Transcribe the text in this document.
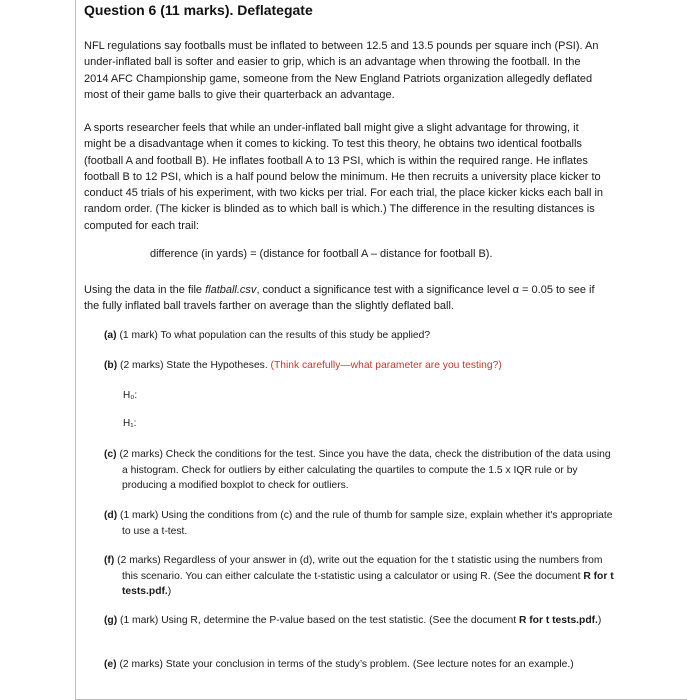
Question 6 (11 marks). Deflategate

NFL regulations say footballs must be inflated to between 12.5 and 13.5 pounds per square inch (PSI). An under-inflated ball is softer and easier to grip, which is an advantage when throwing the football. In the 2014 AFC Championship game, someone from the New England Patriots organization allegedly deflated most of their game balls to give their quarterback an advantage.

A sports researcher feels that while an under-inflated ball might give a slight advantage for throwing, it might be a disadvantage when it comes to kicking. To test this theory, he obtains two identical footballs (football A and football B). He inflates football A to 13 PSI, which is within the required range. He inflates football B to 12 PSI, which is a half pound below the minimum. He then recruits a university place kicker to conduct 45 trials of his experiment, with two kicks per trial. For each trial, the place kicker kicks each ball in random order. (The kicker is blinded as to which ball is which.) The difference in the resulting distances is computed for each trail:

difference (in yards) = (distance for football A – distance for football B).

Using the data in the file flatball.csv, conduct a significance test with a significance level α = 0.05 to see if the fully inflated ball travels farther on average than the slightly deflated ball.

(a) (1 mark) To what population can the results of this study be applied?

(b) (2 marks) State the Hypotheses. (Think carefully—what parameter are you testing?)

H₀:

H₁:

(c) (2 marks) Check the conditions for the test. Since you have the data, check the distribution of the data using a histogram. Check for outliers by either calculating the quartiles to compute the 1.5 x IQR rule or by producing a modified boxplot to check for outliers.

(d) (1 mark) Using the conditions from (c) and the rule of thumb for sample size, explain whether it's appropriate to use a t-test.

(f) (2 marks) Regardless of your answer in (d), write out the equation for the t statistic using the numbers from this scenario. You can either calculate the t-statistic using a calculator or using R. (See the document R for t tests.pdf.)

(g) (1 mark) Using R, determine the P-value based on the test statistic. (See the document R for t tests.pdf.)

(e) (2 marks) State your conclusion in terms of the study’s problem. (See lecture notes for an example.)
